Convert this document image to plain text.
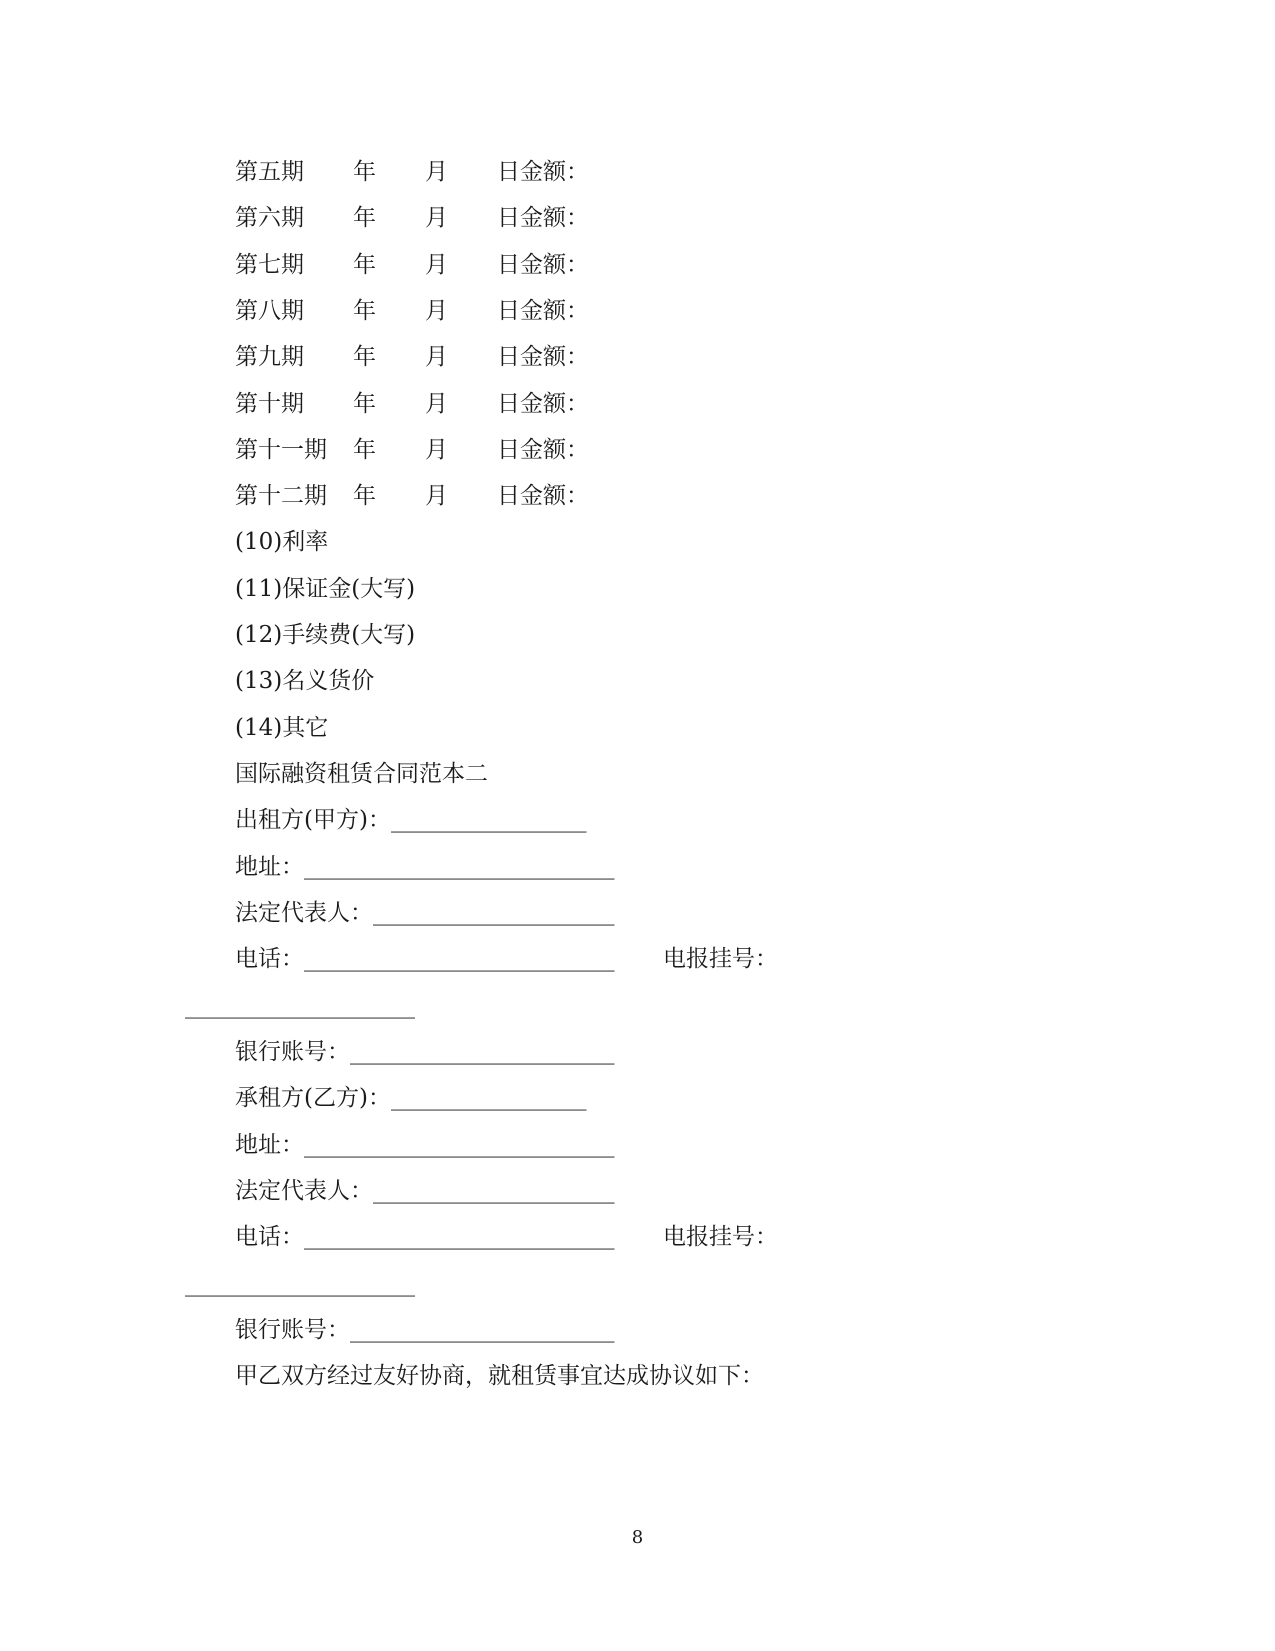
第五期

年

月

日金额：

第六期

年

月

日金额：

第七期

年

月

日金额：

第八期

年

月

日金额：

第九期

年

月

日金额：

第十期

年

月

日金额：

第十一期

年

月

日金额：

第十二期

年

月

日金额：

(10)利率
(11)保证金(大写)
(12)手续费(大写)
(13)名义货价
(14)其它
国际融资租赁合同范本二
出租方(甲方)：_________________
地址：___________________________
法定代表人：_____________________
电话：___________________________ 电报挂号：
____________________
银行账号：_______________________
承租方(乙方)：_________________
地址：___________________________
法定代表人：_____________________
电话：___________________________ 电报挂号：
____________________
银行账号：_______________________
甲乙双方经过友好协商，就租赁事宜达成协议如下：
8
